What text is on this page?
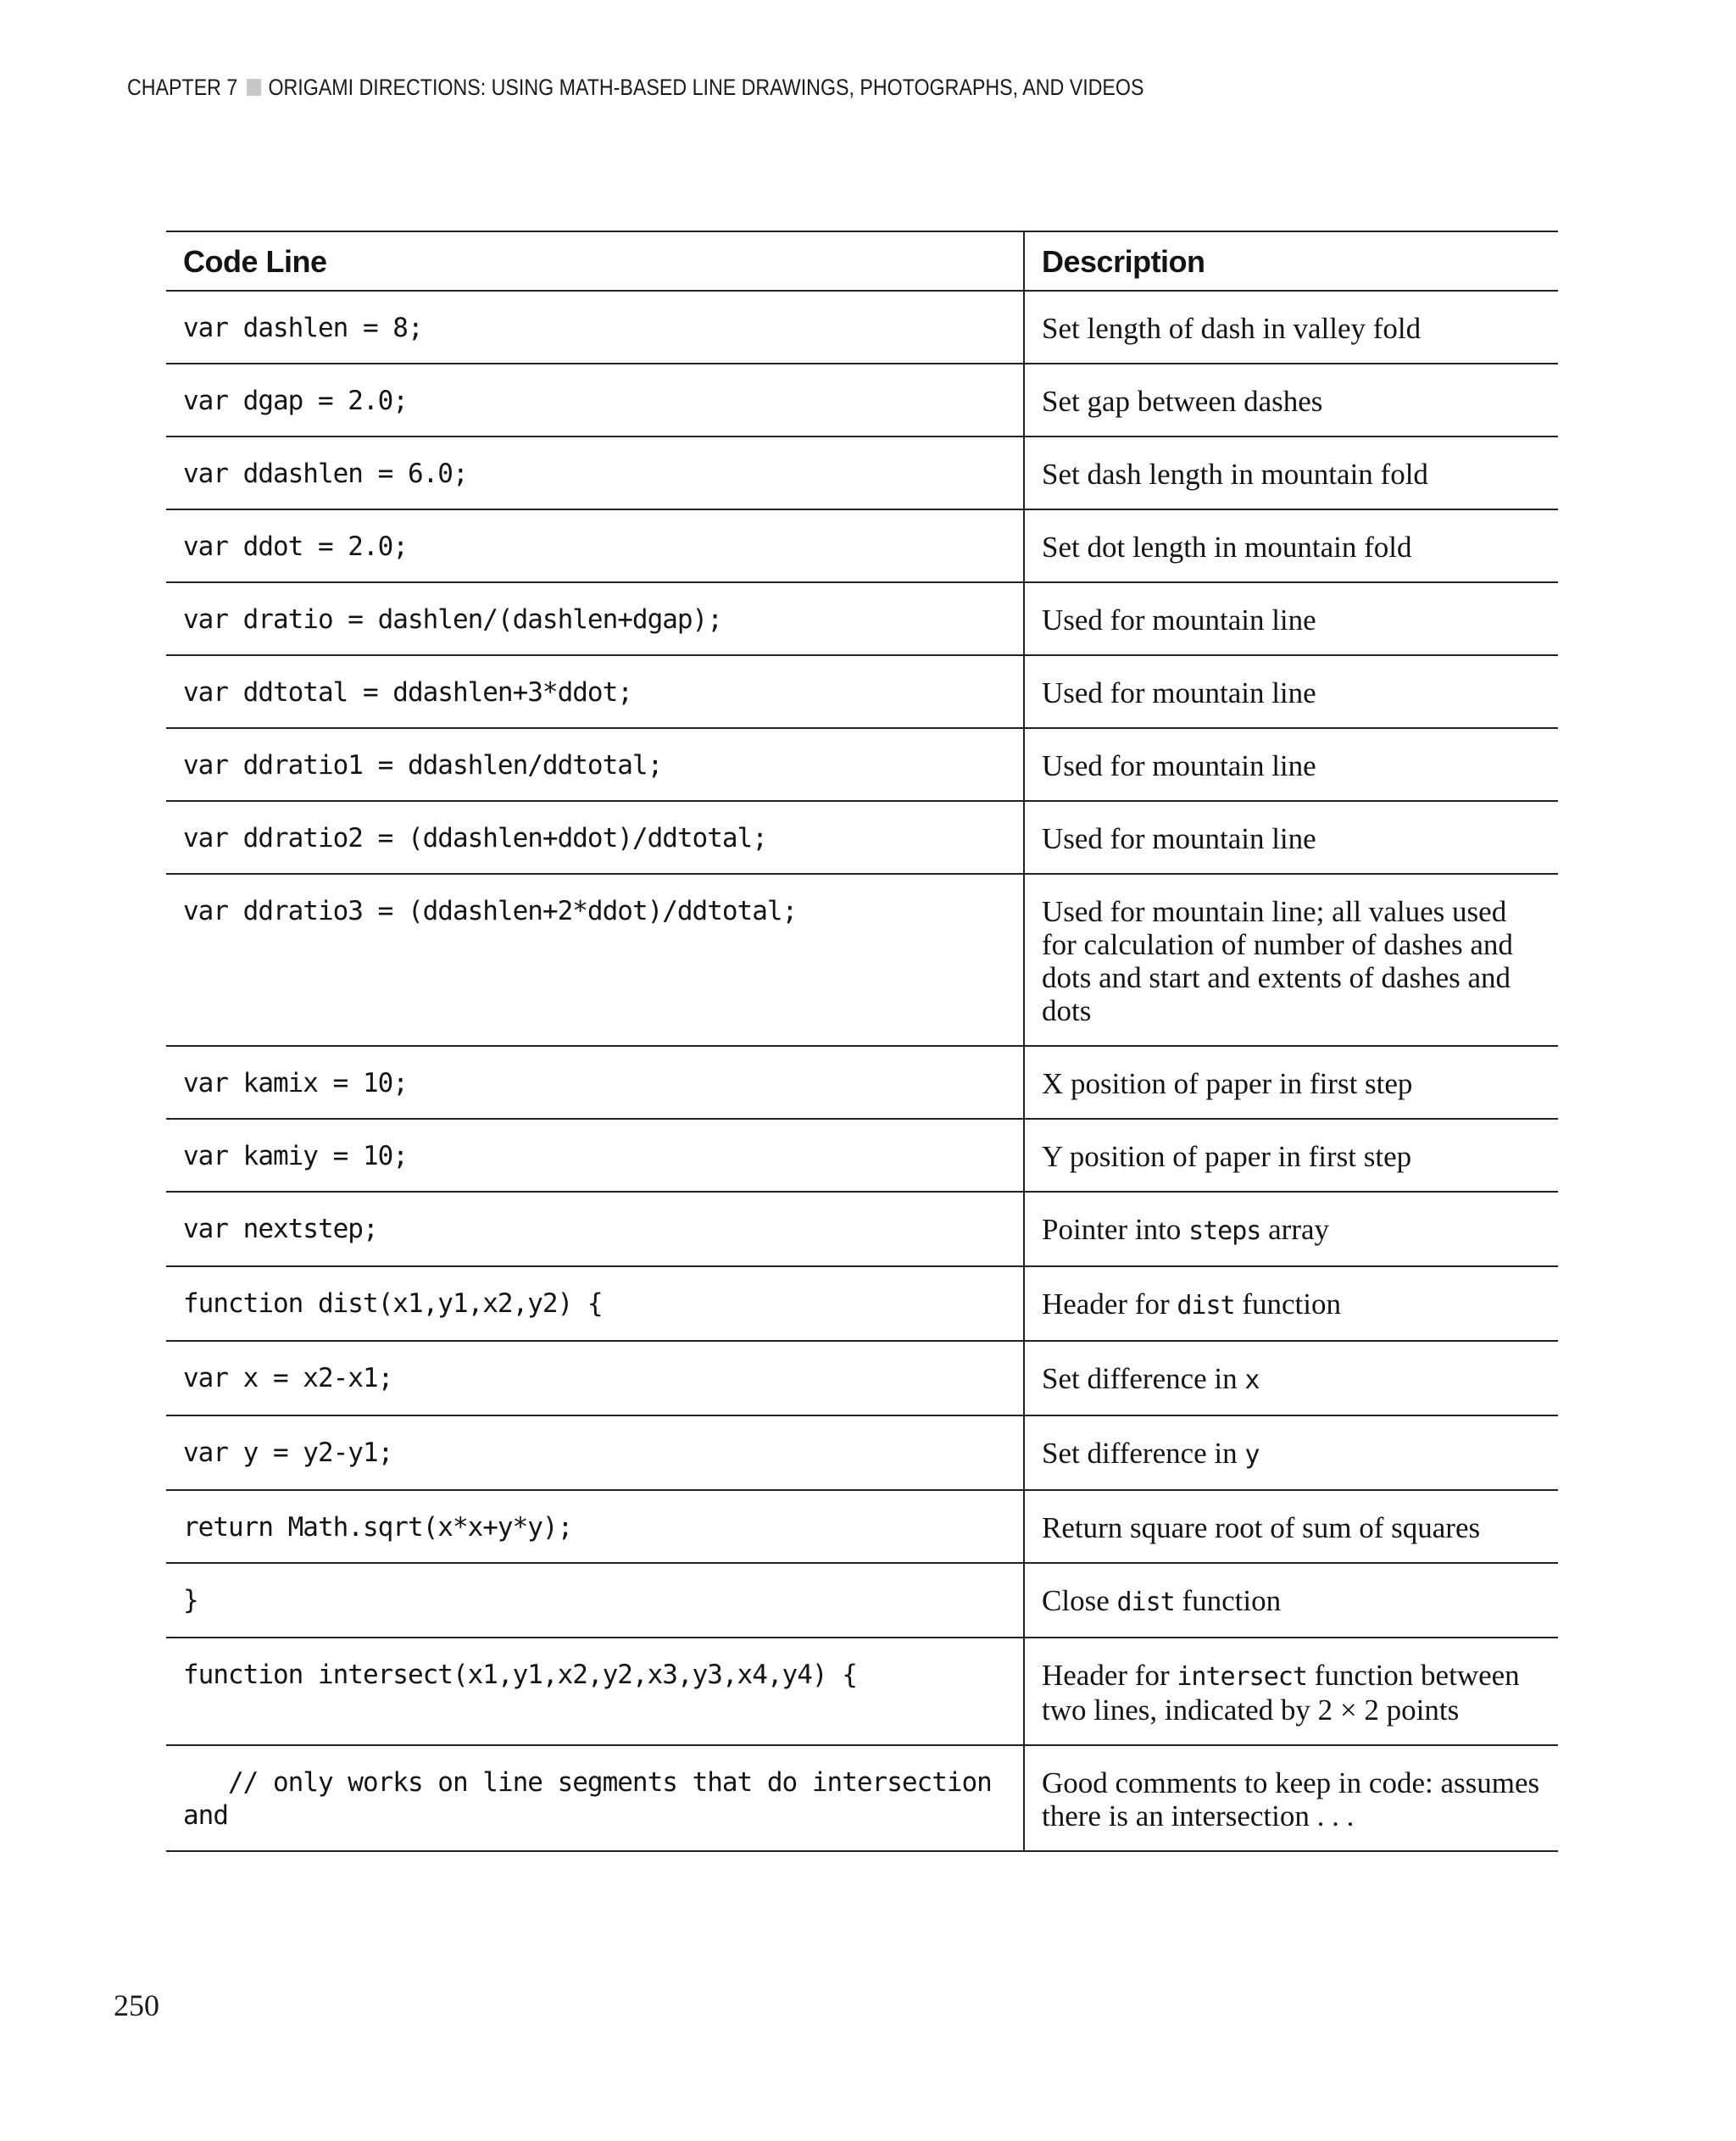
CHAPTER 7 ORIGAMI DIRECTIONS: USING MATH-BASED LINE DRAWINGS, PHOTOGRAPHS, AND VIDEOS
Code Line	Description
var dashlen = 8;	Set length of dash in valley fold
var dgap = 2.0;	Set gap between dashes
var ddashlen = 6.0;	Set dash length in mountain fold
var ddot = 2.0;	Set dot length in mountain fold
var dratio = dashlen/(dashlen+dgap);	Used for mountain line
var ddtotal = ddashlen+3*ddot;	Used for mountain line
var ddratio1 = ddashlen/ddtotal;	Used for mountain line
var ddratio2 = (ddashlen+ddot)/ddtotal;	Used for mountain line
var ddratio3 = (ddashlen+2*ddot)/ddtotal;	Used for mountain line; all values used for calculation of number of dashes and dots and start and extents of dashes and dots
var kamix = 10;	X position of paper in first step
var kamiy = 10;	Y position of paper in first step
var nextstep;	Pointer into steps array
function dist(x1,y1,x2,y2) {	Header for dist function
var x = x2-x1;	Set difference in x
var y = y2-y1;	Set difference in y
return Math.sqrt(x*x+y*y);	Return square root of sum of squares
}	Close dist function
function intersect(x1,y1,x2,y2,x3,y3,x4,y4) {	Header for intersect function between two lines, indicated by 2 × 2 points
// only works on line segments that do intersection and	Good comments to keep in code: assumes there is an intersection . . .
250
